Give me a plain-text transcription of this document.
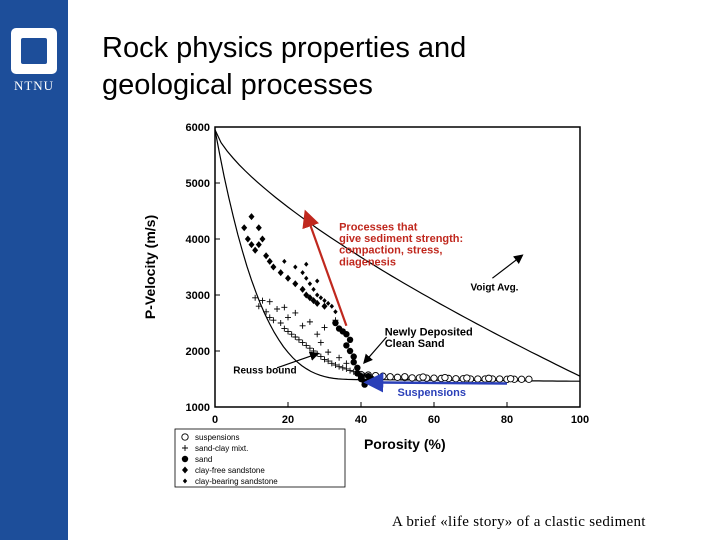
NTNU
Rock physics properties and
geological processes
0	20	40	60	80	100
1000
2000
3000
4000
5000
6000
Porosity (%)
P-Velocity (m/s)	Processes that give sediment strength: compaction, stress, diagenesis
Newly Deposited Clean Sand
Reuss bound
Voigt Avg.
Suspensions
suspensions
sand-clay mixt.
sand
clay-free sandstone
clay-bearing sandstone
A brief «life story» of a clastic sediment
